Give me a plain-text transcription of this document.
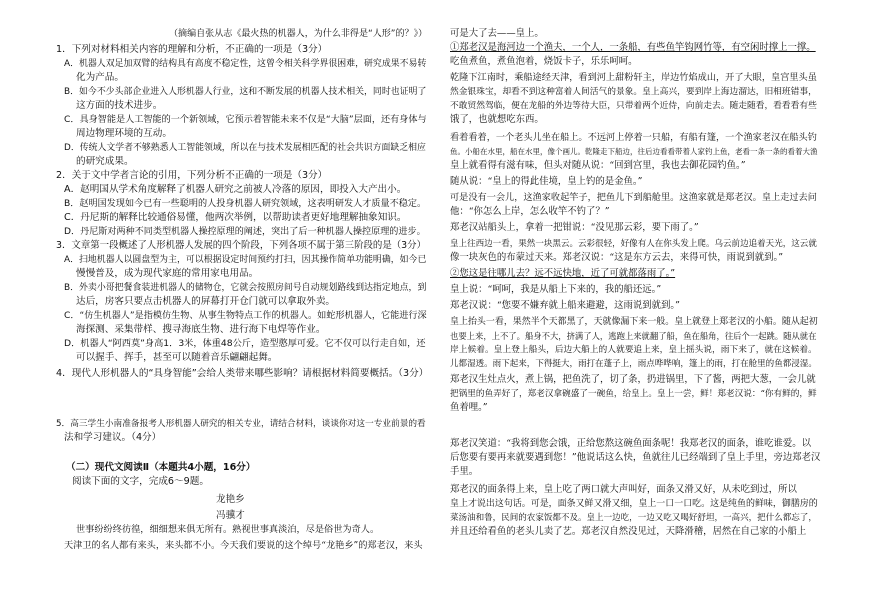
（摘编自张从志《最火热的机器人，为什么非得是“人形”的？》）
1．下列对材料相关内容的理解和分析，不正确的一项是（3分）
A．机器人双足加双臂的结构具有高度不稳定性，这曾令相关科学界很困难，研究成果不易转
化为产品。
B．如今不少头部企业进入人形机器人行业，这和不断发展的机器人技术相关，同时也证明了
这方面的技术进步。
C．具身智能是人工智能的一个新领域，它预示着智能未来不仅是“大脑”层面，还有身体与
周边物理环境的互动。
D．传统人文学者不够熟悉人工智能领域，所以在与技术发展相匹配的社会共识方面缺乏相应
的研究成果。
2．关于文中学者言论的引用，下列分析不正确的一项是（3分）
A．赵明国从学术角度解释了机器人研究之前被人冷落的原因，即投入大产出小。
B．赵明国发现如今已有一些聪明的人投身机器人研究领域，这表明研发人才质量不稳定。
C．丹尼斯的解释比较通俗易懂，他两次举例，以帮助读者更好地理解抽象知识。
D．丹尼斯对两种不同类型机器人操控原理的阐述，突出了后一种机器人操控原理的进步。
3．文章第一段概述了人形机器人发展的四个阶段，下列各项不属于第三阶段的是（3分）
A．扫地机器人以圆盘型为主，可以根据设定时间预约打扫，因其操作简单功能明确，如今已
慢慢普及，成为现代家庭的常用家电用品。
B．外卖小哥把餐食装进机器人的储物仓，它就会按照房间号自动规划路线到达指定地点，到
达后，房客只要点击机器人的屏幕打开仓门就可以拿取外卖。
C．“仿生机器人”是指模仿生物、从事生物特点工作的机器人。如蛇形机器人，它能进行深
海探测、采集带样、搜寻海底生物、进行海下电焊等作业。
D．机器人“阿西莫”身高1．3米，体重48公斤，造型憨厚可爱。它不仅可以行走自如，还
可以握手、挥手，甚至可以随着音乐翩翩起舞。
4．现代人形机器人的“具身智能”会给人类带来哪些影响？请根据材料简要概括。（3分）
5．高三学生小南准备报考人形机器人研究的相关专业，请结合材料，谈谈你对这一专业前景的看
法和学习建议。（4分）
（二）现代文阅读Ⅱ（本题共4小题，16分）
阅读下面的文字，完成6～9题。
龙艳乡
冯骥才
世事纷纷终彷徨，细细想来俱无所有。熟视世事真淡泊，尽是俗世为奇人。
天津卫的名人都有来头，来头都不小。今天我们要说的这个绰号“龙艳乡”的郑老汉，来头
可是大了去——皇上。
①郑老汉是海河边一个渔夫，一个人，一条船，有些鱼竿钩网竹等，有空闲时撑上一撑。
吃鱼煮鱼，煮鱼泡着，烧饭卡子，乐乐呵呵。
乾隆下江南时，乘船途经天津，看到河上甜粉轩主，岸边竹焰成山，开了大眼，皇宫里头虽
然金银珠宝，却看不到这种富着人间活气的景象。皇上高兴，要到岸上海边溜达，旧相班错事，
不敢贸然驾临，便在龙船的外边等待大臣，只带着两个近侍，向前走去。随走随看，看看看有些
饿了，也就想吃东西。
看着看着，一个老头儿坐在船上。不远河上停着一只船，有船有篷，一个渔家老汉在船头钓
鱼。小船在水里，船在水里，像个画儿。乾隆走下船边，往后边看看带着人家钓上鱼，老看一条一条的看着大渔
皇上就看得有滋有味，但头对随从说：“回到宫里，我也去御花园钓鱼。”
随从说：“皇上的得此佳境，皇上钓的是金鱼。”
可是没有一会儿，这渔家收起竿子，把鱼儿下到船舱里。这渔家就是郑老汉。皇上走过去问
他：“你怎么上岸，怎么收竿不钓了？”
郑老汉站船头上，拿着一把钳说：“没见那云彩，要下雨了。”
皇上往西边一看，果然一块黑云。云彩很轻，好像有人在你头发上爬。乌云前边追着天光，这云就
像一块灰色的布蒙过天来。郑老汉说：“这是东方云去，来得可快，雨说到就到。”
②您这是往哪儿去？远不远快地，近了可就都落雨了。”
皇上说：“呵呵，我是从船上下来的，我的船还远。”
郑老汉说：“您要不嫌弃就上船来避避，这雨说到就到。”
皇上抬头一看，果然半个天都黑了，天就像漏下来一般。皇上就登上郑老汉的小船。随从起初
也要上来，上不了。船身不大，挤满了人，逃跑上来就翻了船，鱼在船角，往后个一起跳。随从就在
岸上候着。皇上登上船头，后边大船上的人就要追上来，皇上摇头说，雨下来了，就在这候着。
儿都湿透。雨下起来，下得挺大，雨打在蓬子上，雨点哗哗响，篷上的雨，打在舱里的鱼都浸湿。
郑老汉生灶点火，煮上锅，把鱼洗了，切了条，扔进锅里，下了酱，两把大葱，一会儿就
把锅里的鱼弄好了，郑老汉拿碗盛了一碗鱼，给皇上。皇上一尝，鲜！郑老汉说：“你有鲜的，鲜
鱼着哩。”
郑老汉笑道：“我将到您会饿，正给您熬这碗鱼面条呢！我郑老汉的面条，谁吃谁爱。以
后您要有要再来就要遇到您！”他说话这么快，鱼就往儿已经端到了皇上手里，旁边郑老汉
手里。
郑老汉的面条得上来，皇上吃了两口就大声叫好，面条又滑又好，从未吃到过，所以
皇上才说出这句话。可是，面条又鲜又滑又细，皇上一口一口吃。这是纯鱼的鲜味，御膳房的
菜汤油和鲁，民间的农家饭都不及。皇上一边吃，一边又吃又喝好舒坦，一高兴，把什么都忘了，
并且还给看鱼的老头儿卖了艺。郑老汉自然没见过，天降滑稽，居然在自己家的小船上
